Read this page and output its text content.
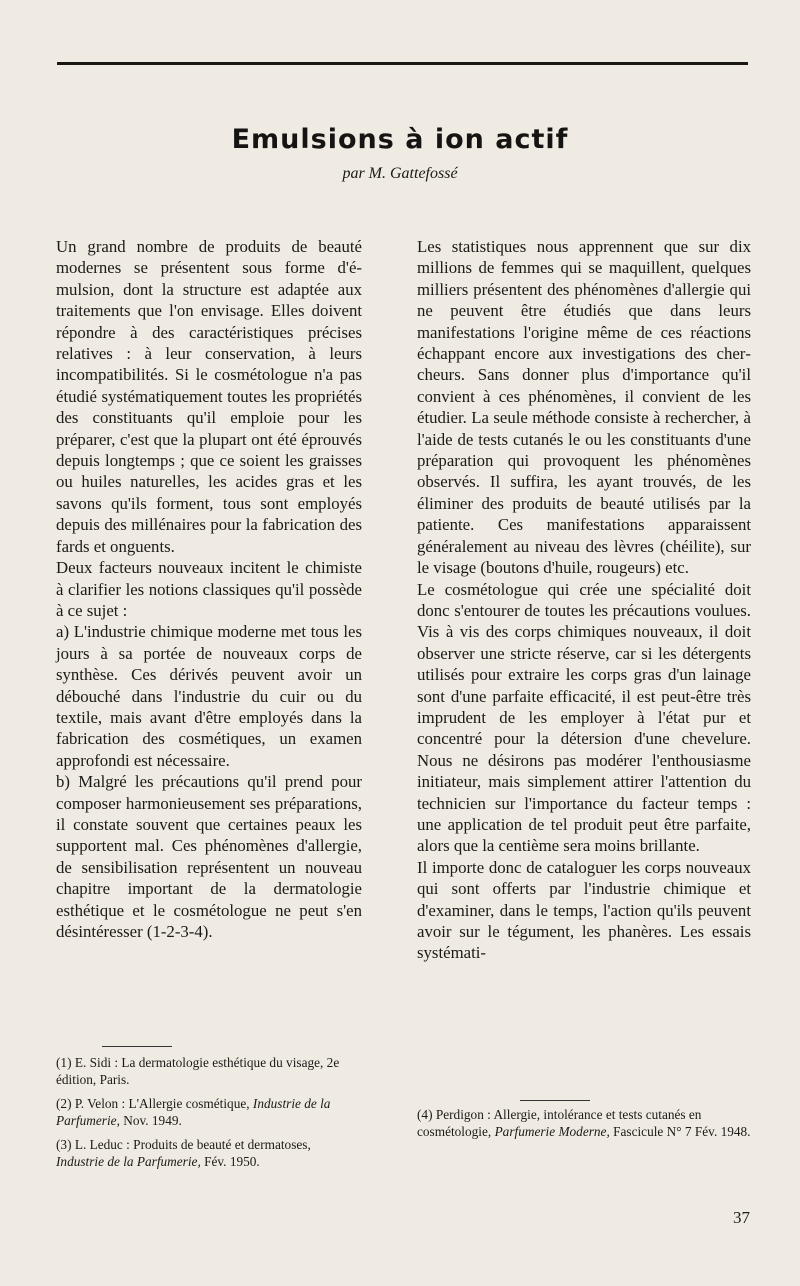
Emulsions à ion actif
par M. Gattefossé

Un grand nombre de produits de beauté modernes se présentent sous forme d'émulsion, dont la structure est adaptée aux traitements que l'on envisage. Elles doivent répondre à des caractéristiques précises relatives : à leur conservation, à leurs incompatibilités. Si le cosmétologue n'a pas étudié systématiquement toutes les propriétés des constituants qu'il emploie pour les préparer, c'est que la plupart ont été éprouvés depuis longtemps ; que ce soient les graisses ou huiles naturelles, les acides gras et les savons qu'ils forment, tous sont employés depuis des millénaires pour la fabrication des fards et onguents.

Deux facteurs nouveaux incitent le chimiste à clarifier les notions classiques qu'il possède à ce sujet :

a) L'industrie chimique moderne met tous les jours à sa portée de nouveaux corps de synthèse. Ces dérivés peuvent avoir un débouché dans l'industrie du cuir ou du textile, mais avant d'être employés dans la fabrication des cosmétiques, un examen approfondi est nécessaire.

b) Malgré les précautions qu'il prend pour composer harmonieusement ses préparations, il constate souvent que certaines peaux les supportent mal. Ces phénomènes d'allergie, de sensibilisation représentent un nouveau chapitre important de la dermatologie esthétique et le cosmétologue ne peut s'en désintéresser (1-2-3-4).

Les statistiques nous apprennent que sur dix millions de femmes qui se maquillent, quelques milliers présentent des phénomènes d'allergie qui ne peuvent être étudiés que dans leurs manifestations l'origine même de ces réactions échappant encore aux investigations des chercheurs. Sans donner plus d'importance qu'il convient à ces phénomènes, il convient de les étudier. La seule méthode consiste à rechercher, à l'aide de tests cutanés le ou les constituants d'une préparation qui provoquent les phénomènes observés. Il suffira, les ayant trouvés, de les éliminer des produits de beauté utilisés par la patiente. Ces manifestations apparaissent généralement au niveau des lèvres (chéilite), sur le visage (boutons d'huile, rougeurs) etc.

Le cosmétologue qui crée une spécialité doit donc s'entourer de toutes les précautions voulues. Vis à vis des corps chimiques nouveaux, il doit observer une stricte réserve, car si les détergents utilisés pour extraire les corps gras d'un lainage sont d'une parfaite efficacité, il est peut-être très imprudent de les employer à l'état pur et concentré pour la détersion d'une chevelure. Nous ne désirons pas modérer l'enthousiasme initiateur, mais simplement attirer l'attention du technicien sur l'importance du facteur temps : une application de tel produit peut être parfaite, alors que la centième sera moins brillante.

Il importe donc de cataloguer les corps nouveaux qui sont offerts par l'industrie chimique et d'examiner, dans le temps, l'action qu'ils peuvent avoir sur le tégument, les phanères. Les essais systémati-

(1) E. Sidi : La dermatologie esthétique du visage, 2e édition, Paris.

(2) P. Velon : L'Allergie cosmétique, Industrie de la Parfumerie, Nov. 1949.

(3) L. Leduc : Produits de beauté et dermatoses, Industrie de la Parfumerie, Fév. 1950.

(4) Perdigon : Allergie, intolérance et tests cutanés en cosmétologie, Parfumerie Moderne, Fascicule N° 7 Fév. 1948.

37
